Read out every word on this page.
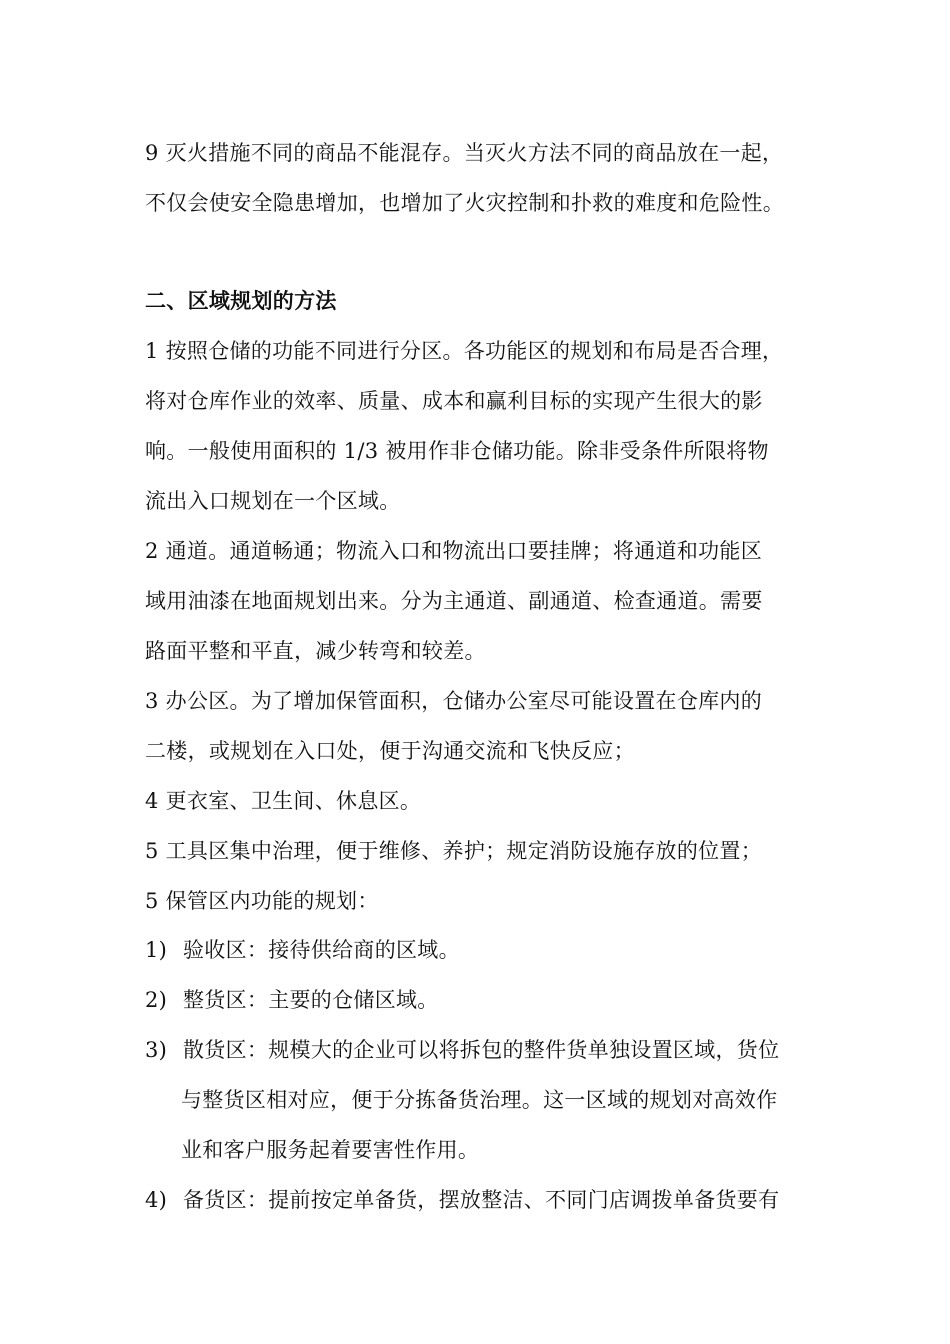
9 灭火措施不同的商品不能混存。当灭火方法不同的商品放在一起，
不仅会使安全隐患增加，也增加了火灾控制和扑救的难度和危险性。
二、区域规划的方法
1 按照仓储的功能不同进行分区。各功能区的规划和布局是否合理，
将对仓库作业的效率、质量、成本和赢利目标的实现产生很大的影
响。一般使用面积的 1/3 被用作非仓储功能。除非受条件所限将物
流出入口规划在一个区域。
2 通道。通道畅通；物流入口和物流出口要挂牌；将通道和功能区
域用油漆在地面规划出来。分为主通道、副通道、检查通道。需要
路面平整和平直，减少转弯和较差。
3 办公区。为了增加保管面积，仓储办公室尽可能设置在仓库内的
二楼，或规划在入口处，便于沟通交流和飞快反应；
4 更衣室、卫生间、休息区。
5 工具区集中治理，便于维修、养护；规定消防设施存放的位置；
5 保管区内功能的规划：
1) 验收区：接待供给商的区域。
2) 整货区：主要的仓储区域。
3) 散货区：规模大的企业可以将拆包的整件货单独设置区域，货位
与整货区相对应，便于分拣备货治理。这一区域的规划对高效作
业和客户服务起着要害性作用。
4) 备货区：提前按定单备货，摆放整洁、不同门店调拨单备货要有
